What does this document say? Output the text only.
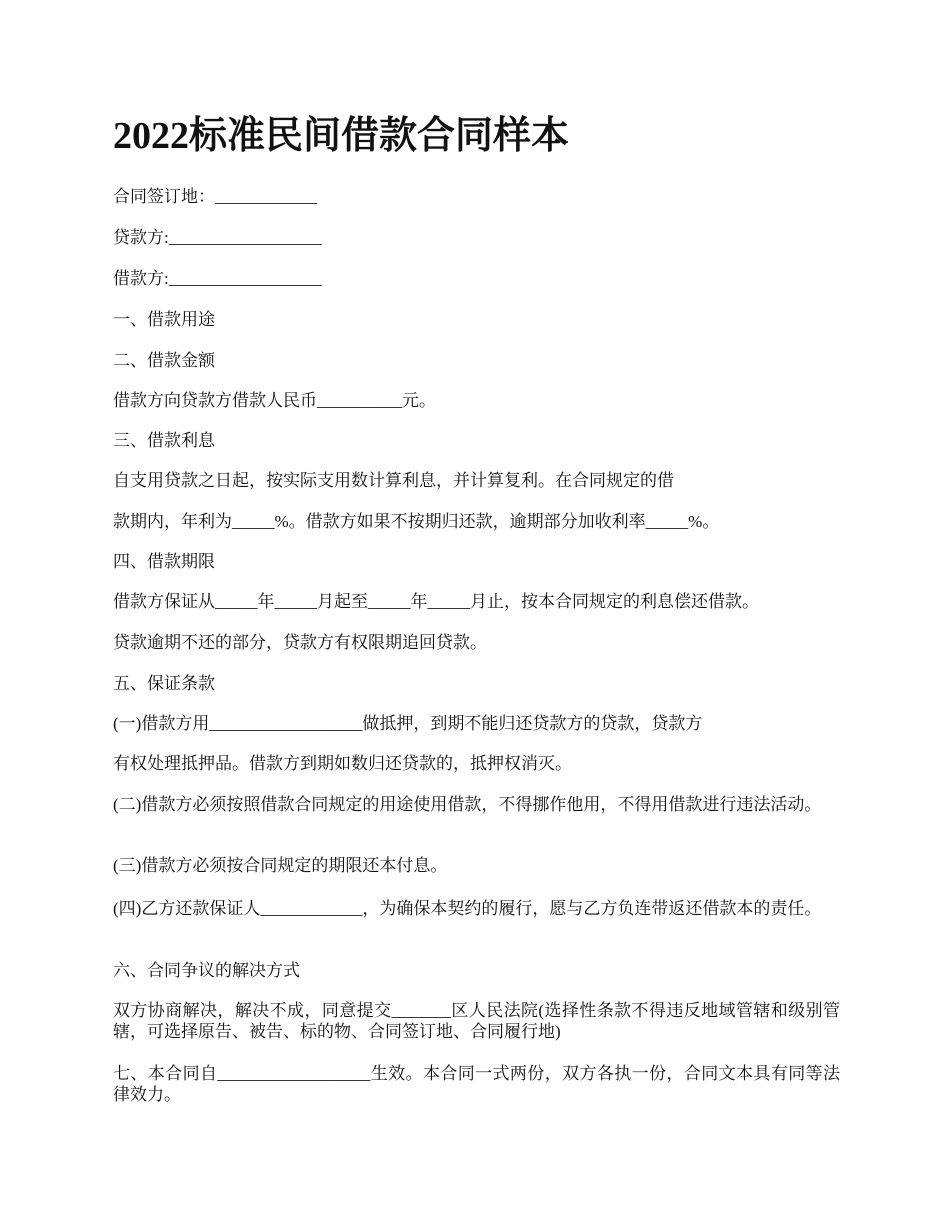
2022标准民间借款合同样本

合同签订地：____________

贷款方:__________________

借款方:__________________

一、借款用途

二、借款金额

借款方向贷款方借款人民币__________元。

三、借款利息

自支用贷款之日起，按实际支用数计算利息，并计算复利。在合同规定的借

款期内，年利为_____%。借款方如果不按期归还款，逾期部分加收利率_____%。

四、借款期限

借款方保证从_____年_____月起至_____年_____月止，按本合同规定的利息偿还借款。

贷款逾期不还的部分，贷款方有权限期追回贷款。

五、保证条款

(一)借款方用__________________做抵押，到期不能归还贷款方的贷款，贷款方

有权处理抵押品。借款方到期如数归还贷款的，抵押权消灭。

(二)借款方必须按照借款合同规定的用途使用借款，不得挪作他用，不得用借款进行违法活动。

(三)借款方必须按合同规定的期限还本付息。

(四)乙方还款保证人____________，为确保本契约的履行，愿与乙方负连带返还借款本的责任。

六、合同争议的解决方式

双方协商解决，解决不成，同意提交_______区人民法院(选择性条款不得违反地域管辖和级别管辖，可选择原告、被告、标的物、合同签订地、合同履行地)

七、本合同自__________________生效。本合同一式两份，双方各执一份，合同文本具有同等法律效力。
